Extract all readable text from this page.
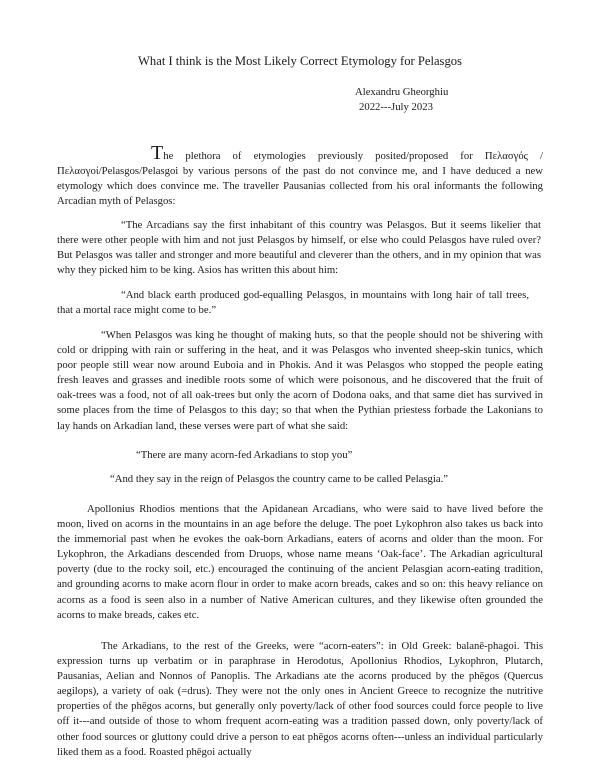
What I think is the Most Likely Correct Etymology for Pelasgos
Alexandru Gheorghiu
2022---July 2023

The plethora of etymologies previously posited/proposed for Πελασγός /Πελασγοί/Pelasgos/Pelasgoi by various persons of the past do not convince me, and I have deduced a new etymology which does convince me. The traveller Pausanias collected from his oral informants the following Arcadian myth of Pelasgos:

“The Arcadians say the first inhabitant of this country was Pelasgos. But it seems likelier that there were other people with him and not just Pelasgos by himself, or else who could Pelasgos have ruled over? But Pelasgos was taller and stronger and more beautiful and cleverer than the others, and in my opinion that was why they picked him to be king. Asios has written this about him:

“And black earth produced god-equalling Pelasgos, in mountains with long hair of tall trees, that a mortal race might come to be.”

“When Pelasgos was king he thought of making huts, so that the people should not be shivering with cold or dripping with rain or suffering in the heat, and it was Pelasgos who invented sheep-skin tunics, which poor people still wear now around Euboia and in Phokis. And it was Pelasgos who stopped the people eating fresh leaves and grasses and inedible roots some of which were poisonous, and he discovered that the fruit of oak-trees was a food, not of all oak-trees but only the acorn of Dodona oaks, and that same diet has survived in some places from the time of Pelasgos to this day; so that when the Pythian priestess forbade the Lakonians to lay hands on Arkadian land, these verses were part of what she said:

“There are many acorn-fed Arkadians to stop you”

“And they say in the reign of Pelasgos the country came to be called Pelasgia.”

Apollonius Rhodios mentions that the Apidanean Arcadians, who were said to have lived before the moon, lived on acorns in the mountains in an age before the deluge. The poet Lykophron also takes us back into the immemorial past when he evokes the oak-born Arkadians, eaters of acorns and older than the moon. For Lykophron, the Arkadians descended from Druops, whose name means ‘Oak-face’. The Arkadian agricultural poverty (due to the rocky soil, etc.) encouraged the continuing of the ancient Pelasgian acorn-eating tradition, and grounding acorns to make acorn flour in order to make acorn breads, cakes and so on: this heavy reliance on acorns as a food is seen also in a number of Native American cultures, and they likewise often grounded the acorns to make breads, cakes etc.

The Arkadians, to the rest of the Greeks, were “acorn-eaters”: in Old Greek: balanē-phagoi. This expression turns up verbatim or in paraphrase in Herodotus, Apollonius Rhodios, Lykophron, Plutarch, Pausanias, Aelian and Nonnos of Panoplis. The Arkadians ate the acorns produced by the phēgos (Quercus aegilops), a variety of oak (=drus). They were not the only ones in Ancient Greece to recognize the nutritive properties of the phēgos acorns, but generally only poverty/lack of other food sources could force people to live off it---and outside of those to whom frequent acorn-eating was a tradition passed down, only poverty/lack of other food sources or gluttony could drive a person to eat phēgos acorns often---unless an individual particularly liked them as a food. Roasted phēgoi actually
